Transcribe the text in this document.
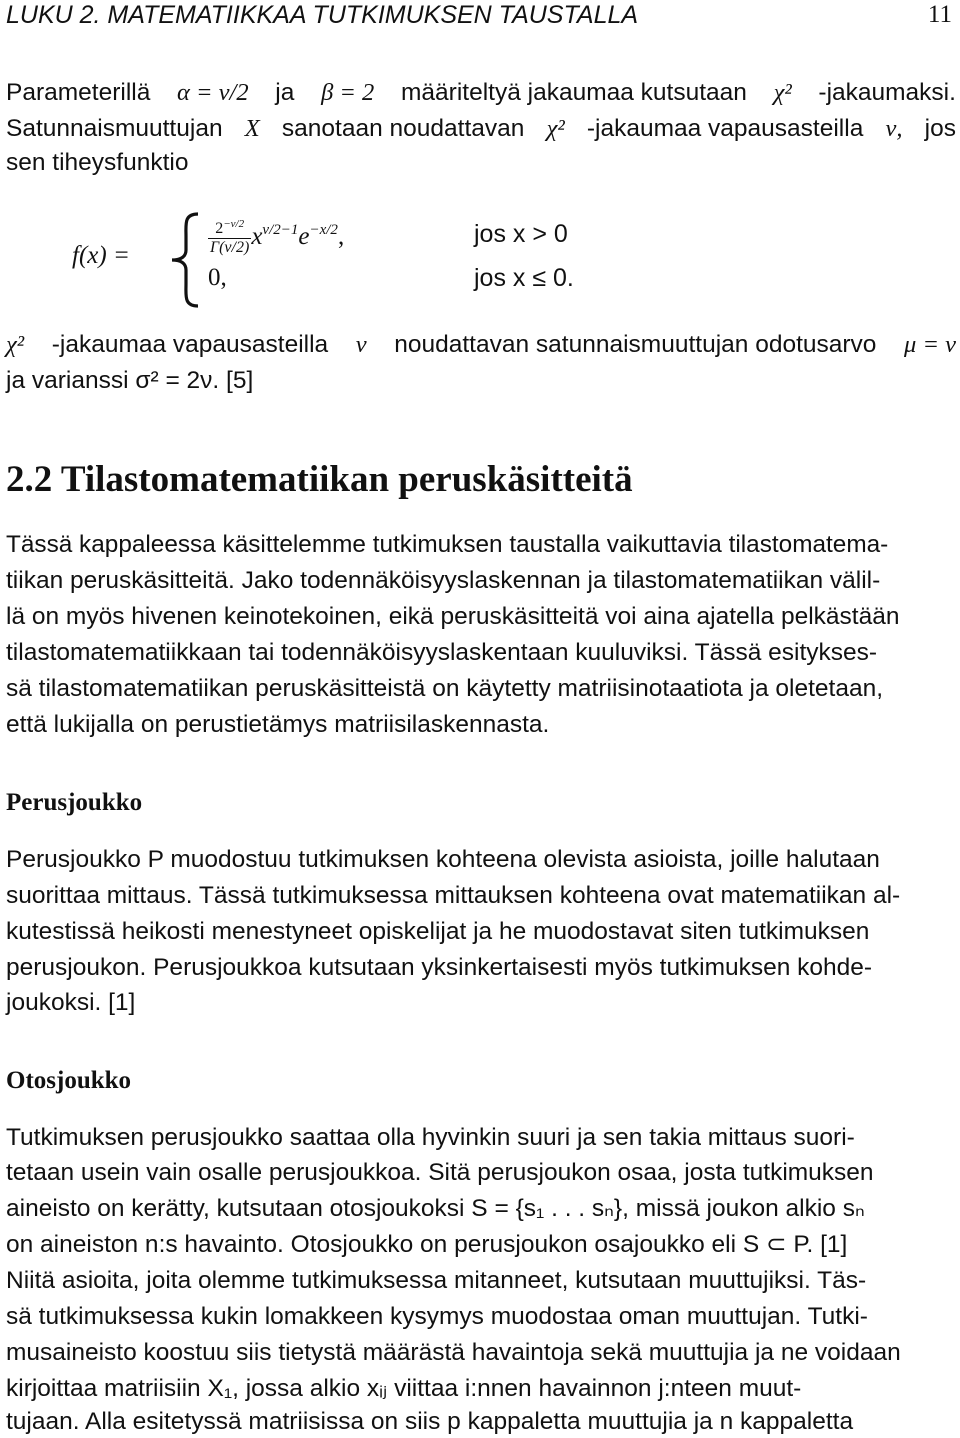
LUKU 2. MATEMATIIKKAA TUTKIMUKSEN TAUSTALLA	11
Parameterillä α = ν/2 ja β = 2 määriteltyä jakaumaa kutsutaan χ² -jakaumaksi.
Satunnaismuuttujan X sanotaan noudattavan χ² -jakaumaa vapausasteilla ν, jos
sen tiheysfunktio
f(x) =	$\frac{2^{-\nu/2}}{\Gamma(\nu/2)} x^{\nu/2-1}e^{-x/2}$,
0,
jos x > 0
jos x ≤ 0.
χ² -jakaumaa vapausasteilla ν noudattavan satunnaismuuttujan odotusarvo μ = ν
ja varianssi σ² = 2ν. [5]
2.2 Tilastomatematiikan peruskäsitteitä
Tässä kappaleessa käsittelemme tutkimuksen taustalla vaikuttavia tilastomatema-
tiikan peruskäsitteitä. Jako todennäköisyyslaskennan ja tilastomatematiikan välil-
lä on myös hivenen keinotekoinen, eikä peruskäsitteitä voi aina ajatella pelkästään
tilastomatematiikkaan tai todennäköisyyslaskentaan kuuluviksi. Tässä esitykses-
sä tilastomatematiikan peruskäsitteistä on käytetty matriisinotaatiota ja oletetaan,
että lukijalla on perustietämys matriisilaskennasta.
Perusjoukko
Perusjoukko P muodostuu tutkimuksen kohteena olevista asioista, joille halutaan
suorittaa mittaus. Tässä tutkimuksessa mittauksen kohteena ovat matematiikan al-
kutestissä heikosti menestyneet opiskelijat ja he muodostavat siten tutkimuksen
perusjoukon. Perusjoukkoa kutsutaan yksinkertaisesti myös tutkimuksen kohde-
joukoksi. [1]
Otosjoukko
Tutkimuksen perusjoukko saattaa olla hyvinkin suuri ja sen takia mittaus suori-
tetaan usein vain osalle perusjoukkoa. Sitä perusjoukon osaa, josta tutkimuksen
aineisto on kerätty, kutsutaan otosjoukoksi S = {s₁ . . . sₙ}, missä joukon alkio sₙ
on aineiston n:s havainto. Otosjoukko on perusjoukon osajoukko eli S ⊂ P. [1]
Niitä asioita, joita olemme tutkimuksessa mitanneet, kutsutaan muuttujiksi. Täs-
sä tutkimuksessa kukin lomakkeen kysymys muodostaa oman muuttujan. Tutki-
musaineisto koostuu siis tietystä määrästä havaintoja sekä muuttujia ja ne voidaan
kirjoittaa matriisiin X₁, jossa alkio xᵢⱼ viittaa i:nnen havainnon j:nteen muut-
tujaan. Alla esitetyssä matriisissa on siis p kappaletta muuttujia ja n kappaletta
